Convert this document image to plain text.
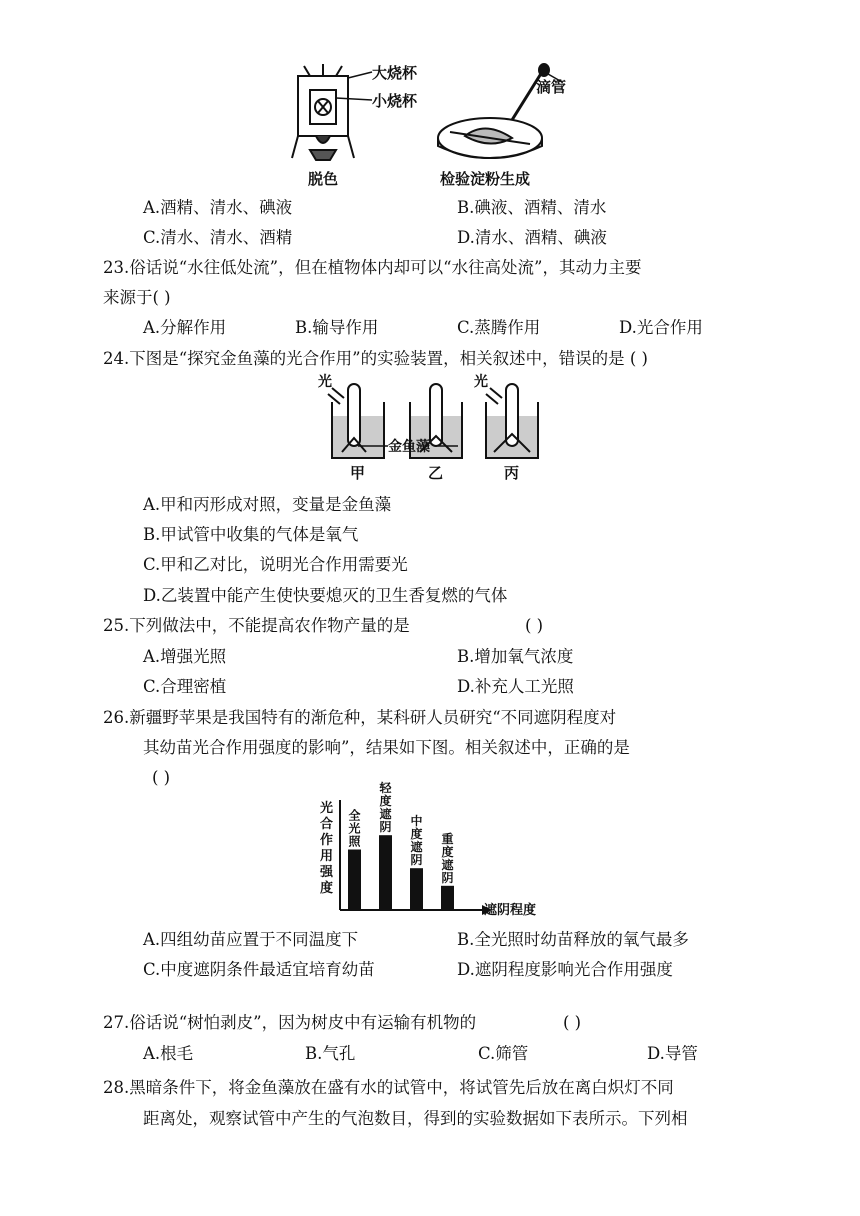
大烧杯
小烧杯
脱色
滴管
检验淀粉生成
A.酒精、清水、碘液	B.碘液、酒精、清水
C.清水、清水、酒精	D.清水、酒精、碘液
23.俗话说“水往低处流”，但在植物体内却可以“水往高处流”，其动力主要
来源于( )
A.分解作用	B.输导作用	C.蒸腾作用	D.光合作用
24.下图是“探究金鱼藻的光合作用”的实验装置，相关叙述中，错误的是 ( )
光	光
金鱼藻
甲	乙	丙
A.甲和丙形成对照，变量是金鱼藻
B.甲试管中收集的气体是氧气
C.甲和乙对比，说明光合作用需要光
D.乙装置中能产生使快要熄灭的卫生香复燃的气体
25.下列做法中，不能提高农作物产量的是	( )
A.增强光照	B.增加氧气浓度
C.合理密植	D.补充人工光照
26.新疆野苹果是我国特有的渐危种，某科研人员研究“不同遮阴程度对
其幼苗光合作用强度的影响”，结果如下图。相关叙述中，正确的是
( )
光
合
作
用
强
度
全光照
轻度遮阴 中度遮阴
重度遮阴
遮阴程度
A.四组幼苗应置于不同温度下	B.全光照时幼苗释放的氧气最多
C.中度遮阴条件最适宜培育幼苗	D.遮阴程度影响光合作用强度
27.俗话说“树怕剥皮”，因为树皮中有运输有机物的	( )
A.根毛	B.气孔	C.筛管	D.导管
28.黑暗条件下，将金鱼藻放在盛有水的试管中，将试管先后放在离白炽灯不同
距离处，观察试管中产生的气泡数目，得到的实验数据如下表所示。下列相
